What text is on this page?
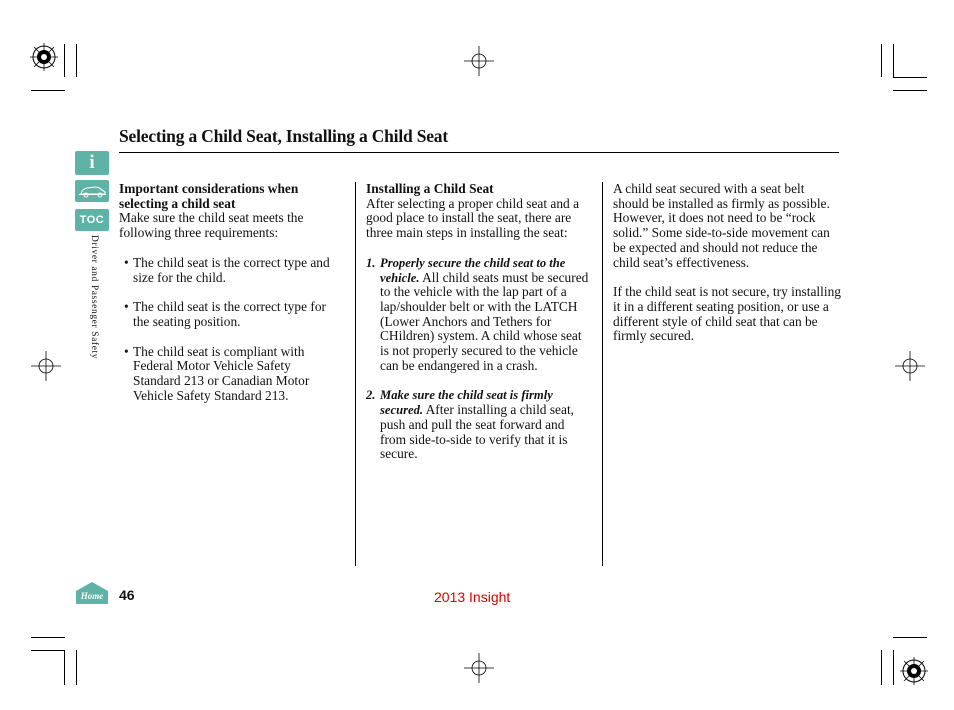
Selecting a Child Seat, Installing a Child Seat
i
TOC
Driver and Passenger Safety

Important considerations when selecting a child seat

Make sure the child seat meets the following three requirements:

• The child seat is the correct type and size for the child.
• The child seat is the correct type for the seating position.
• The child seat is compliant with Federal Motor Vehicle Safety Standard 213 or Canadian Motor Vehicle Safety Standard 213.

Installing a Child Seat

After selecting a proper child seat and a good place to install the seat, there are three main steps in installing the seat:

1. Properly secure the child seat to the vehicle. All child seats must be secured to the vehicle with the lap part of a lap/shoulder belt or with the LATCH (Lower Anchors and Tethers for CHildren) system. A child whose seat is not properly secured to the vehicle can be endangered in a crash.
2. Make sure the child seat is firmly secured. After installing a child seat, push and pull the seat forward and from side-to-side to verify that it is secure.

A child seat secured with a seat belt should be installed as firmly as possible. However, it does not need to be “rock solid.” Some side-to-side movement can be expected and should not reduce the child seat’s effectiveness.

If the child seat is not secure, try installing it in a different seating position, or use a different style of child seat that can be firmly secured.

Home 46	2013 Insight
